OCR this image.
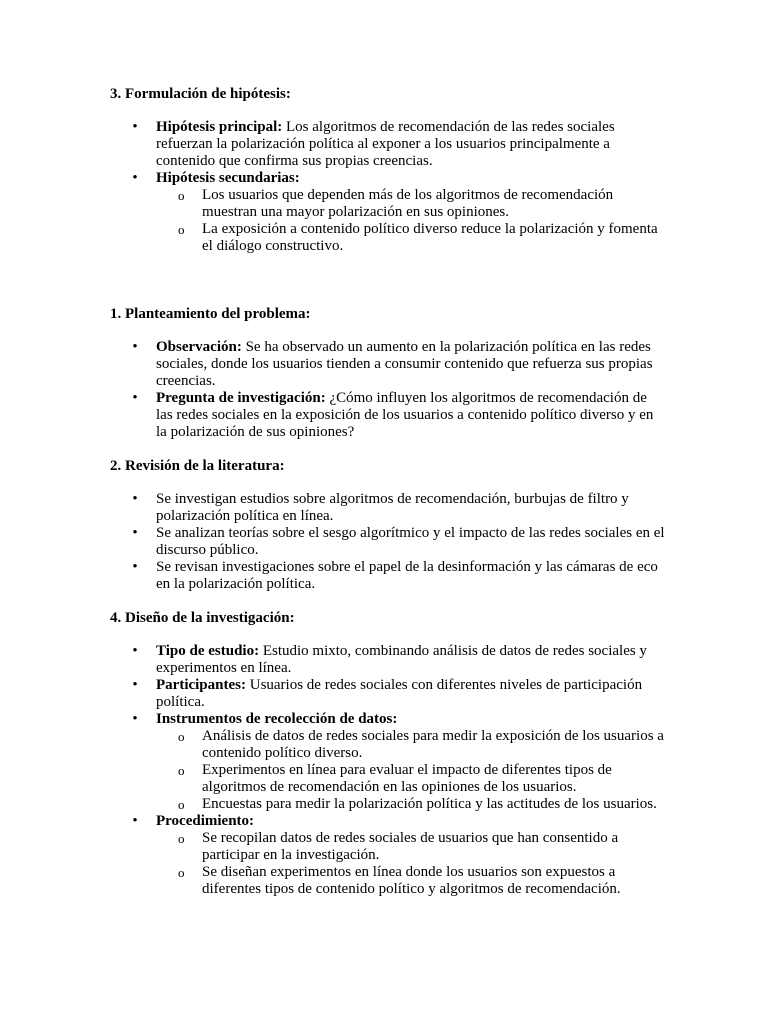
3. Formulación de hipótesis:

• Hipótesis principal: Los algoritmos de recomendación de las redes sociales refuerzan la polarización política al exponer a los usuarios principalmente a contenido que confirma sus propias creencias.
• Hipótesis secundarias:
o Los usuarios que dependen más de los algoritmos de recomendación muestran una mayor polarización en sus opiniones.
o La exposición a contenido político diverso reduce la polarización y fomenta el diálogo constructivo.

1. Planteamiento del problema:

• Observación: Se ha observado un aumento en la polarización política en las redes sociales, donde los usuarios tienden a consumir contenido que refuerza sus propias creencias.
• Pregunta de investigación: ¿Cómo influyen los algoritmos de recomendación de las redes sociales en la exposición de los usuarios a contenido político diverso y en la polarización de sus opiniones?

2. Revisión de la literatura:

• Se investigan estudios sobre algoritmos de recomendación, burbujas de filtro y polarización política en línea.
• Se analizan teorías sobre el sesgo algorítmico y el impacto de las redes sociales en el discurso público.
• Se revisan investigaciones sobre el papel de la desinformación y las cámaras de eco en la polarización política.

4. Diseño de la investigación:

• Tipo de estudio: Estudio mixto, combinando análisis de datos de redes sociales y experimentos en línea.
• Participantes: Usuarios de redes sociales con diferentes niveles de participación política.
• Instrumentos de recolección de datos:
o Análisis de datos de redes sociales para medir la exposición de los usuarios a contenido político diverso.
o Experimentos en línea para evaluar el impacto de diferentes tipos de algoritmos de recomendación en las opiniones de los usuarios.
o Encuestas para medir la polarización política y las actitudes de los usuarios.
• Procedimiento:
o Se recopilan datos de redes sociales de usuarios que han consentido a participar en la investigación.
o Se diseñan experimentos en línea donde los usuarios son expuestos a diferentes tipos de contenido político y algoritmos de recomendación.
